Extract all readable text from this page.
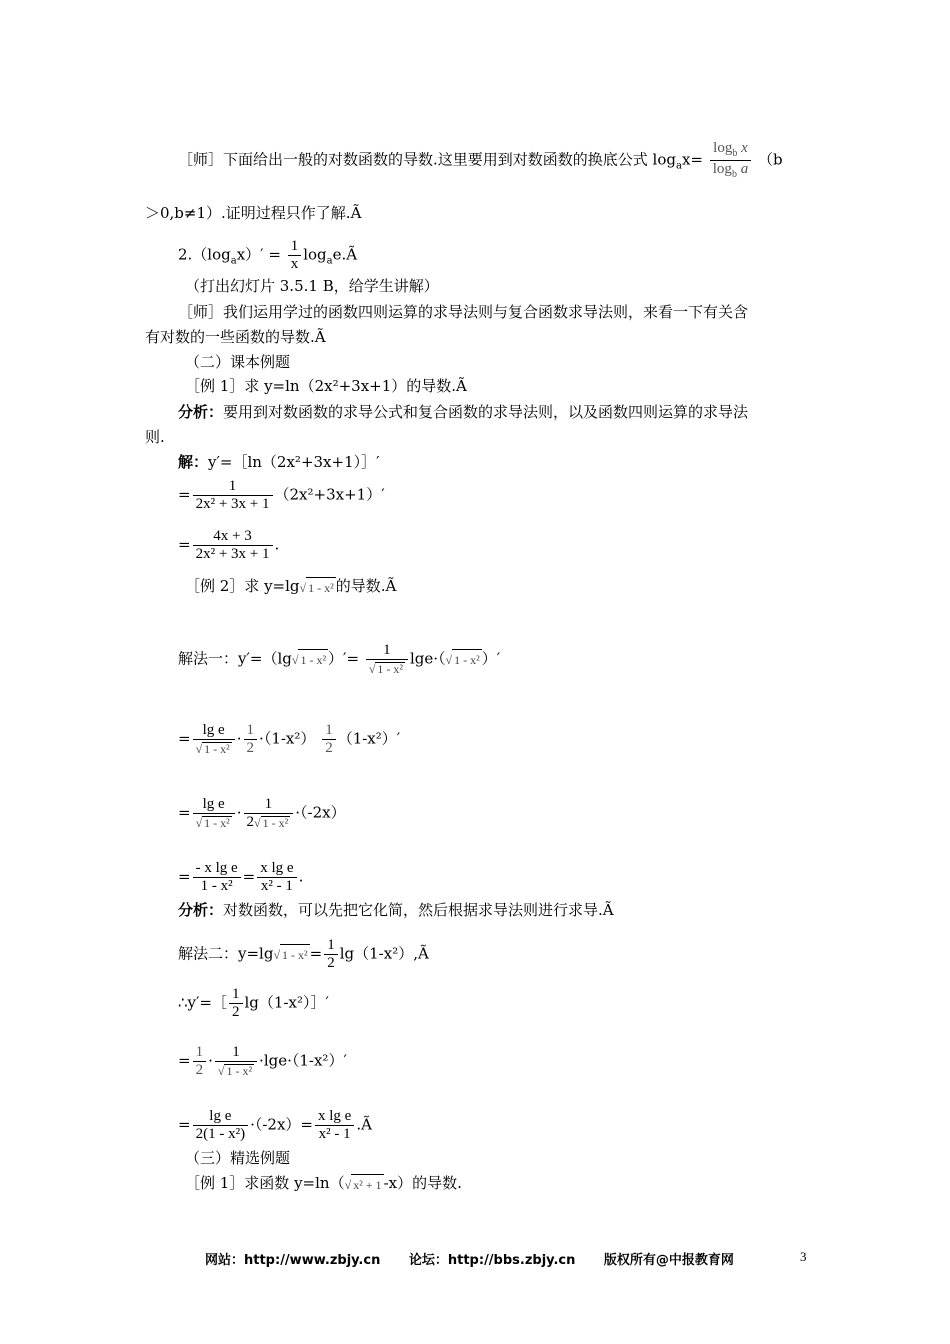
［师］下面给出一般的对数函数的导数.这里要用到对数函数的换底公式 $\log_ax= \frac{\log_b x}{\log_b a} (b$
＞0,b≠1）.证明过程只作了解.Ã
$2.(\log_ax)' = \frac{1}{x}$ $\log_ae.Ã$
（打出幻灯片 3.5.1 B，给学生讲解）
［师］我们运用学过的函数四则运算的求导法则与复合函数求导法则，来看一下有关含
有对数的一些函数的导数.Ã
（二）课本例题
［例 1］求 y=ln（2x²+3x+1）的导数.Ã
分析：要用到对数函数的求导公式和复合函数的求导法则，以及函数四则运算的求导法
则.
解：y′=［ln（2x²+3x+1）］′
= $\frac{1}{\text{2x² + 3x + 1}} (2x^2+3x+1)'$
= $\frac{4x + 3}{\text{2x² + 3x + 1}}$ .
［例 2］求 y=lg√ 1 - x² 的导数.Ã
解法一：y′=（lg√ 1 - x² ）′= $\frac{1}{\text{√ 1 - x²}} \lg e\cdot(√$ 1 - x² ）′
= $\frac{\text{lg e}}{\text{√ 1 - x²}} \cdot \frac{1}{2} \cdot(1-x^2) \frac{1}{2} (1-x^2)'$
= $\frac{\text{lg e}}{\text{√ 1 - x²}} \cdot \frac{1}{\text{2√ 1 - x²}} \cdot(-2x)$
= $\frac{\text{- x lg e}}{\text{1 - x²}} = \frac{\text{x lg e}}{\text{x² - 1}}$ .
分析：对数函数，可以先把它化简，然后根据求导法则进行求导.Ã
解法二：y=lg√ $1 - x^2 = \frac{1}{2}$ lg（1-x²）,Ã
∴y′=［ $\frac{1}{2}$ lg（1-x²）］′
= $\frac{1}{2} \cdot \frac{1}{\text{√ 1 - x²}} \cdot\lg e\cdot(1-x^2)'$
= $\frac{\text{lg e}}{\text{2(1 - x²)}} \cdot(-2x)= \frac{\text{x lg e}}{\text{x² - 1}}$ .Ã
（三）精选例题
［例 1］求函数 y=ln（√ x² + 1 -x）的导数.
网站：http://www.zbjy.cn 论坛：http://bbs.zbjy.cn 版权所有@中报教育网	3
